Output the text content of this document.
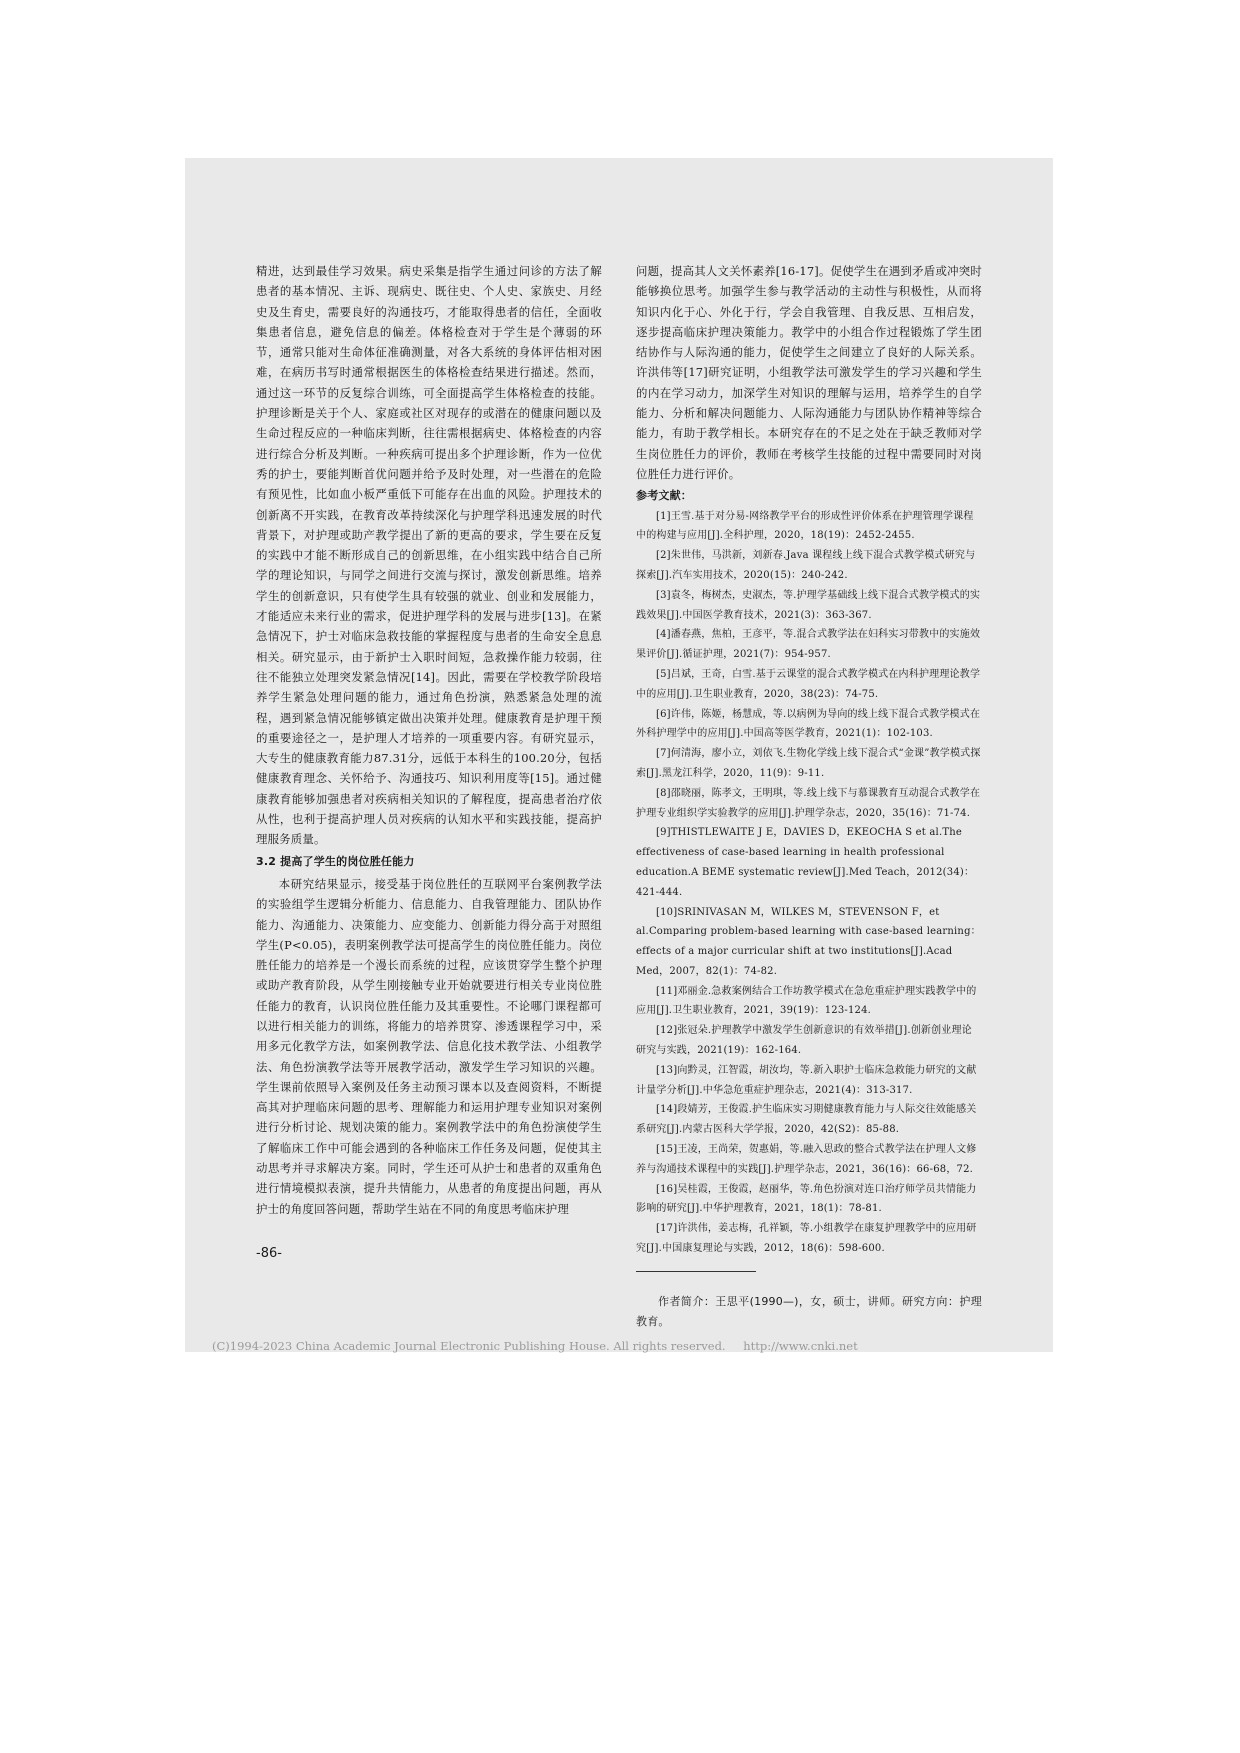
精进，达到最佳学习效果。病史采集是指学生通过问诊的方法了解患者的基本情况、主诉、现病史、既往史、个人史、家族史、月经史及生育史，需要良好的沟通技巧，才能取得患者的信任，全面收集患者信息，避免信息的偏差。体格检查对于学生是个薄弱的环节，通常只能对生命体征准确测量，对各大系统的身体评估相对困难，在病历书写时通常根据医生的体格检查结果进行描述。然而，通过这一环节的反复综合训练，可全面提高学生体格检查的技能。护理诊断是关于个人、家庭或社区对现存的或潜在的健康问题以及生命过程反应的一种临床判断，往往需根据病史、体格检查的内容进行综合分析及判断。一种疾病可提出多个护理诊断，作为一位优秀的护士，要能判断首优问题并给予及时处理，对一些潜在的危险有预见性，比如血小板严重低下可能存在出血的风险。护理技术的创新离不开实践，在教育改革持续深化与护理学科迅速发展的时代背景下，对护理或助产教学提出了新的更高的要求，学生要在反复的实践中才能不断形成自己的创新思维，在小组实践中结合自己所学的理论知识，与同学之间进行交流与探讨，激发创新思维。培养学生的创新意识，只有使学生具有较强的就业、创业和发展能力，才能适应未来行业的需求，促进护理学科的发展与进步[13]。在紧急情况下，护士对临床急救技能的掌握程度与患者的生命安全息息相关。研究显示，由于新护士入职时间短，急救操作能力较弱，往往不能独立处理突发紧急情况[14]。因此，需要在学校教学阶段培养学生紧急处理问题的能力，通过角色扮演，熟悉紧急处理的流程，遇到紧急情况能够镇定做出决策并处理。健康教育是护理干预的重要途径之一，是护理人才培养的一项重要内容。有研究显示，大专生的健康教育能力87.31分，远低于本科生的100.20分，包括健康教育理念、关怀给予、沟通技巧、知识利用度等[15]。通过健康教育能够加强患者对疾病相关知识的了解程度，提高患者治疗依从性，也利于提高护理人员对疾病的认知水平和实践技能，提高护理服务质量。

3.2 提高了学生的岗位胜任能力

本研究结果显示，接受基于岗位胜任的互联网平台案例教学法的实验组学生逻辑分析能力、信息能力、自我管理能力、团队协作能力、沟通能力、决策能力、应变能力、创新能力得分高于对照组学生(P<0.05)，表明案例教学法可提高学生的岗位胜任能力。岗位胜任能力的培养是一个漫长而系统的过程，应该贯穿学生整个护理或助产教育阶段，从学生刚接触专业开始就要进行相关专业岗位胜任能力的教育，认识岗位胜任能力及其重要性。不论哪门课程都可以进行相关能力的训练，将能力的培养贯穿、渗透课程学习中，采用多元化教学方法，如案例教学法、信息化技术教学法、小组教学法、角色扮演教学法等开展教学活动，激发学生学习知识的兴趣。学生课前依照导入案例及任务主动预习课本以及查阅资料，不断提高其对护理临床问题的思考、理解能力和运用护理专业知识对案例进行分析讨论、规划决策的能力。案例教学法中的角色扮演使学生了解临床工作中可能会遇到的各种临床工作任务及问题，促使其主动思考并寻求解决方案。同时，学生还可从护士和患者的双重角色进行情境模拟表演，提升共情能力，从患者的角度提出问题，再从护士的角度回答问题，帮助学生站在不同的角度思考临床护理

问题，提高其人文关怀素养[16-17]。促使学生在遇到矛盾或冲突时能够换位思考。加强学生参与教学活动的主动性与积极性，从而将知识内化于心、外化于行，学会自我管理、自我反思、互相启发，逐步提高临床护理决策能力。教学中的小组合作过程锻炼了学生团结协作与人际沟通的能力，促使学生之间建立了良好的人际关系。许洪伟等[17]研究证明，小组教学法可激发学生的学习兴趣和学生的内在学习动力，加深学生对知识的理解与运用，培养学生的自学能力、分析和解决问题能力、人际沟通能力与团队协作精神等综合能力，有助于教学相长。本研究存在的不足之处在于缺乏教师对学生岗位胜任力的评价，教师在考核学生技能的过程中需要同时对岗位胜任力进行评价。

参考文献：

[1]王雪.基于对分易-网络教学平台的形成性评价体系在护理管理学课程中的构建与应用[J].全科护理，2020，18(19)：2452-2455.

[2]朱世伟，马洪新，刘新春.Java 课程线上线下混合式教学模式研究与探索[J].汽车实用技术，2020(15)：240-242.

[3]袁冬，梅树杰，史淑杰，等.护理学基础线上线下混合式教学模式的实践效果[J].中国医学教育技术，2021(3)：363-367.

[4]潘春燕，焦柏，王彦平，等.混合式教学法在妇科实习带教中的实施效果评价[J].循证护理，2021(7)：954-957.

[5]吕斌，王奇，白雪.基于云课堂的混合式教学模式在内科护理理论教学中的应用[J].卫生职业教育，2020，38(23)：74-75.

[6]许伟，陈姬，杨慧成，等.以病例为导向的线上线下混合式教学模式在外科护理学中的应用[J].中国高等医学教育，2021(1)：102-103.

[7]何清海，廖小立，刘依飞.生物化学线上线下混合式“金课”教学模式探索[J].黑龙江科学，2020，11(9)：9-11.

[8]邵晓丽，陈孝文，王明琪，等.线上线下与慕课教育互动混合式教学在护理专业组织学实验教学的应用[J].护理学杂志，2020，35(16)：71-74.

[9]THISTLEWAITE J E，DAVIES D，EKEOCHA S et al.The effectiveness of case-based learning in health professional education.A BEME systematic review[J].Med Teach，2012(34)：421-444.

[10]SRINIVASAN M，WILKES M，STEVENSON F，et al.Comparing problem-based learning with case-based learning：effects of a major curricular shift at two institutions[J].Acad Med，2007，82(1)：74-82.

[11]邓丽金.急救案例结合工作坊教学模式在急危重症护理实践教学中的应用[J].卫生职业教育，2021，39(19)：123-124.

[12]张冠朵.护理教学中激发学生创新意识的有效举措[J].创新创业理论研究与实践，2021(19)：162-164.

[13]向黔灵，江智霞，胡汝均，等.新入职护士临床急救能力研究的文献计量学分析[J].中华急危重症护理杂志，2021(4)：313-317.

[14]段婧芳，王俊霞.护生临床实习期健康教育能力与人际交往效能感关系研究[J].内蒙古医科大学学报，2020，42(S2)：85-88.

[15]王凌，王尚荣，贺惠娟，等.融入思政的整合式教学法在护理人文修养与沟通技术课程中的实践[J].护理学杂志，2021，36(16)：66-68，72.

[16]吴桂霞，王俊霞，赵丽华，等.角色扮演对连口治疗师学员共情能力影响的研究[J].中华护理教育，2021，18(1)：78-81.

[17]许洪伟，姜志梅，孔祥颖，等.小组教学在康复护理教学中的应用研究[J].中国康复理论与实践，2012，18(6)：598-600.

作者简介：王思平(1990—)，女，硕士，讲师。研究方向：护理教育。

-86-
(C)1994-2023 China Academic Journal Electronic Publishing House. All rights reserved. http://www.cnki.net
